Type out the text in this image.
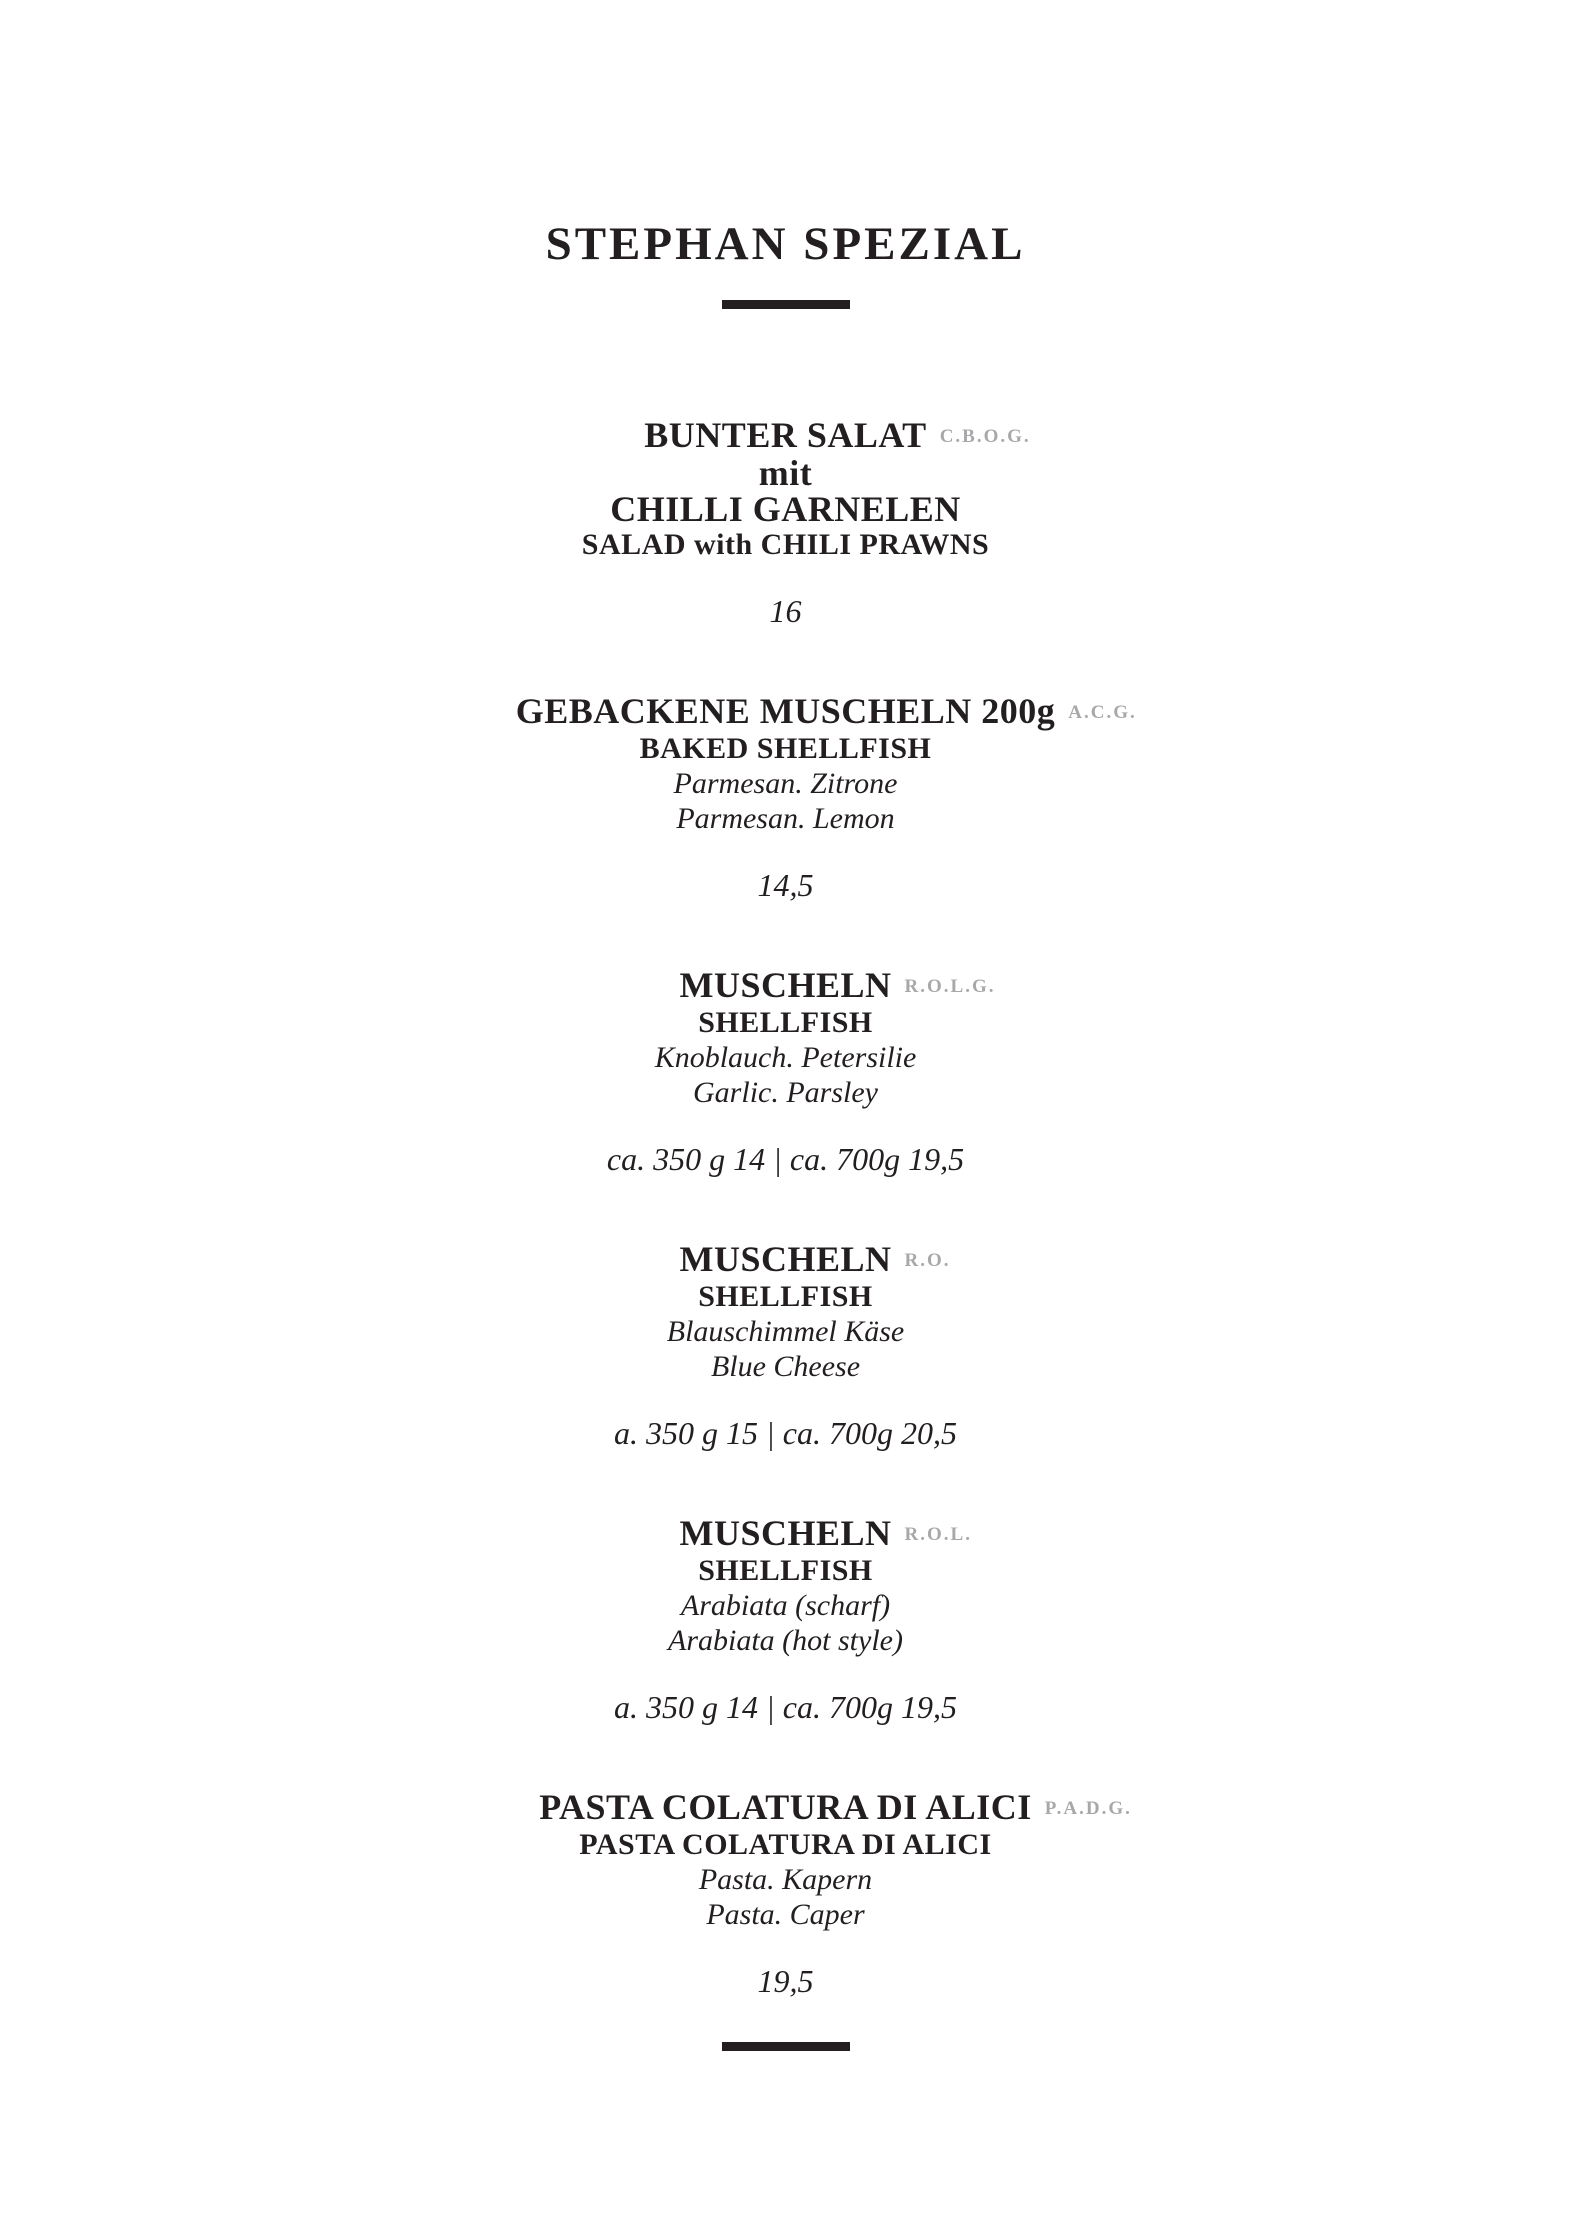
STEPHAN SPEZIAL
BUNTER SALAT C.B.O.G.
mit
CHILLI GARNELEN
SALAD with CHILI PRAWNS
16
GEBACKENE MUSCHELN 200g A.C.G.
BAKED SHELLFISH
Parmesan. Zitrone
Parmesan. Lemon
14,5
MUSCHELN R.O.L.G.
SHELLFISH
Knoblauch. Petersilie
Garlic. Parsley
ca. 350 g 14 | ca. 700g 19,5
MUSCHELN R.O.
SHELLFISH
Blauschimmel Käse
Blue Cheese
a. 350 g 15 | ca. 700g 20,5
MUSCHELN R.O.L.
SHELLFISH
Arabiata (scharf)
Arabiata (hot style)
a. 350 g 14 | ca. 700g 19,5
PASTA COLATURA DI ALICI P.A.D.G.
PASTA COLATURA DI ALICI
Pasta. Kapern
Pasta. Caper
19,5
